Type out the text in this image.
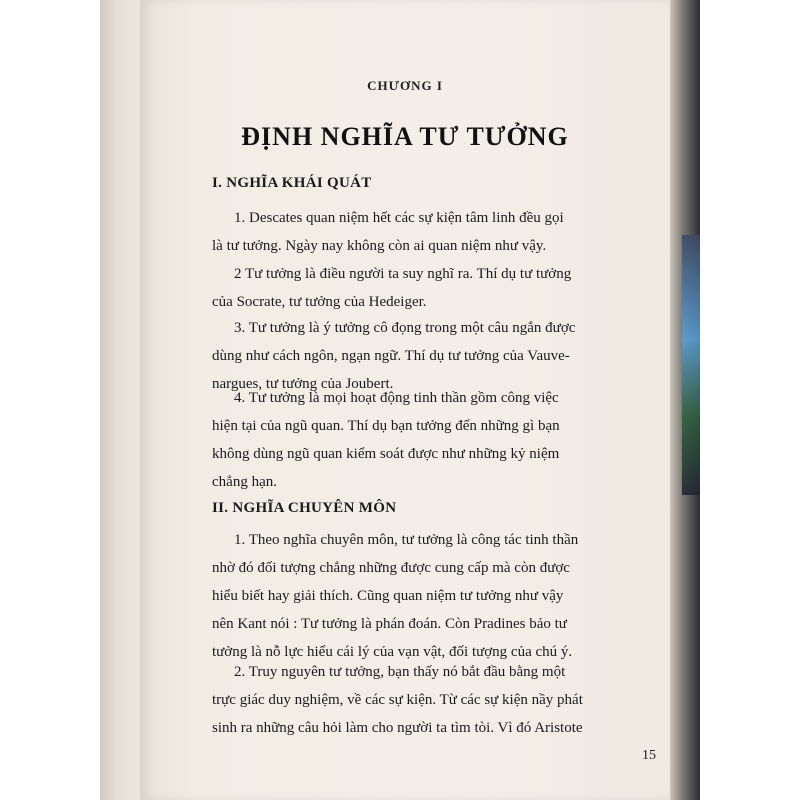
CHƯƠNG I
ĐỊNH NGHĨA TƯ TƯỞNG
I. NGHĨA KHÁI QUÁT
1. Descates quan niệm hết các sự kiện tâm linh đều gọi
là tư tưởng. Ngày nay không còn ai quan niệm như vậy.
2 Tư tưởng là điều người ta suy nghĩ ra. Thí dụ tư tưởng
của Socrate, tư tưởng của Hedeiger.
3. Tư tưởng là ý tưởng cô đọng trong một câu ngắn được
dùng như cách ngôn, ngạn ngữ. Thí dụ tư tưởng của Vauve-
nargues, tư tưởng của Joubert.
4. Tư tưởng là mọi hoạt động tinh thần gồm công việc
hiện tại của ngũ quan. Thí dụ bạn tưởng đến những gì bạn
không dùng ngũ quan kiểm soát được như những kỷ niệm
chẳng hạn.
II. NGHĨA CHUYÊN MÔN
1. Theo nghĩa chuyên môn, tư tưởng là công tác tinh thần
nhờ đó đối tượng chẳng những được cung cấp mà còn được
hiểu biết hay giải thích. Cũng quan niệm tư tưởng như vậy
nên Kant nói : Tư tưởng là phán đoán. Còn Pradines bảo tư
tưởng là nỗ lực hiểu cái lý của vạn vật, đối tượng của chú ý.
2. Truy nguyên tư tưởng, bạn thấy nó bắt đầu bằng một
trực giác duy nghiệm, về các sự kiện. Từ các sự kiện nầy phát
sinh ra những câu hỏi làm cho người ta tìm tòi. Vì đó Aristote
15
